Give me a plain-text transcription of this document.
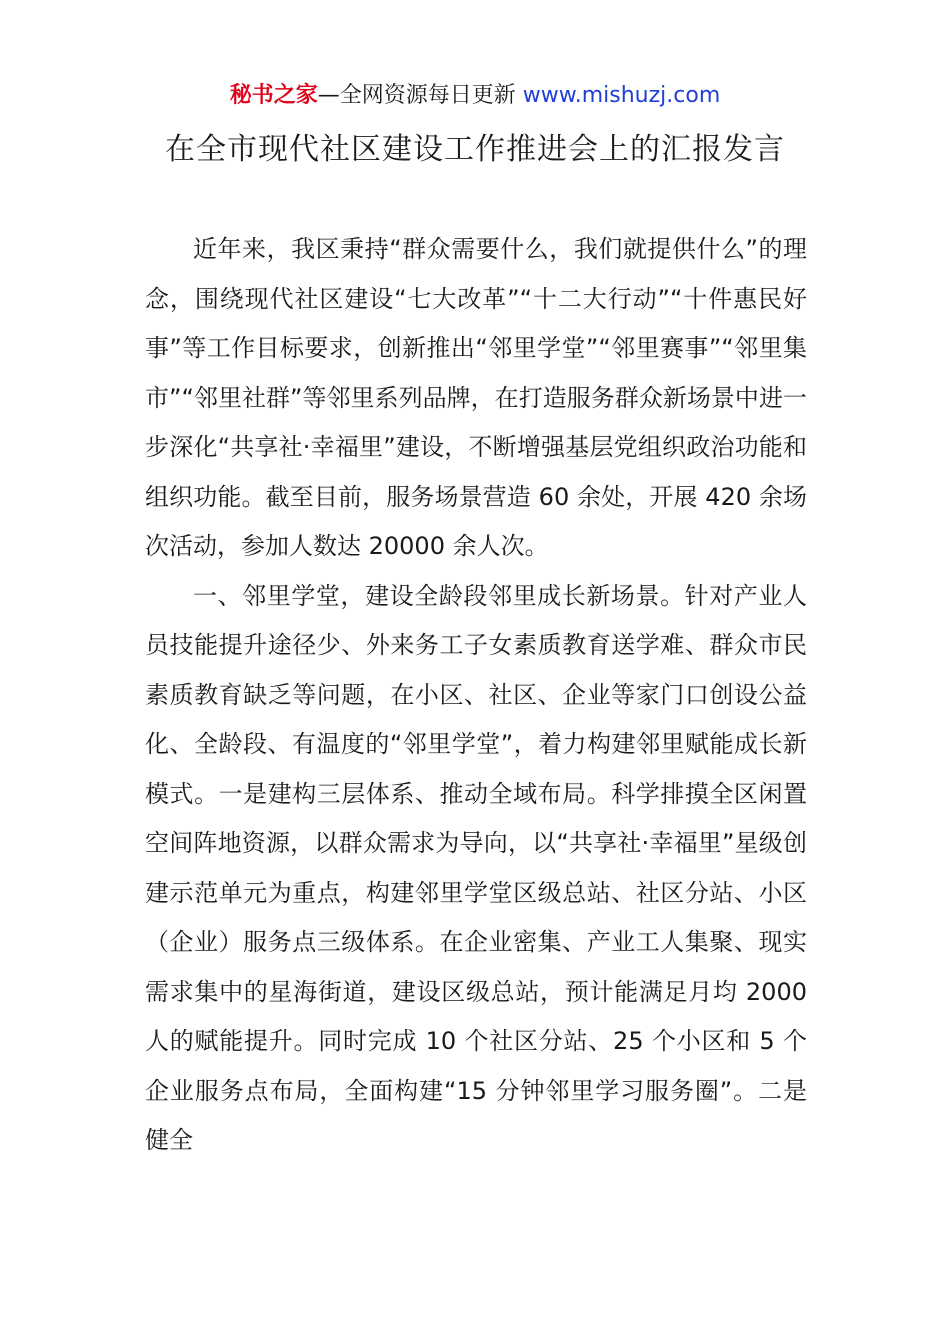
秘书之家—全网资源每日更新 www.mishuzj.com
在全市现代社区建设工作推进会上的汇报发言

近年来，我区秉持“群众需要什么，我们就提供什么”的理念，围绕现代社区建设“七大改革”“十二大行动”“十件惠民好事”等工作目标要求，创新推出“邻里学堂”“邻里赛事”“邻里集市”“邻里社群”等邻里系列品牌，在打造服务群众新场景中进一步深化“共享社·幸福里”建设，不断增强基层党组织政治功能和组织功能。截至目前，服务场景营造 60 余处，开展 420 余场次活动，参加人数达 20000 余人次。

一、邻里学堂，建设全龄段邻里成长新场景。针对产业人员技能提升途径少、外来务工子女素质教育送学难、群众市民素质教育缺乏等问题，在小区、社区、企业等家门口创设公益化、全龄段、有温度的“邻里学堂”，着力构建邻里赋能成长新模式。一是建构三层体系、推动全域布局。科学排摸全区闲置空间阵地资源，以群众需求为导向，以“共享社·幸福里”星级创建示范单元为重点，构建邻里学堂区级总站、社区分站、小区（企业）服务点三级体系。在企业密集、产业工人集聚、现实需求集中的星海街道，建设区级总站，预计能满足月均 2000 人的赋能提升。同时完成 10 个社区分站、25 个小区和 5 个企业服务点布局，全面构建“15 分钟邻里学习服务圈”。二是健全
